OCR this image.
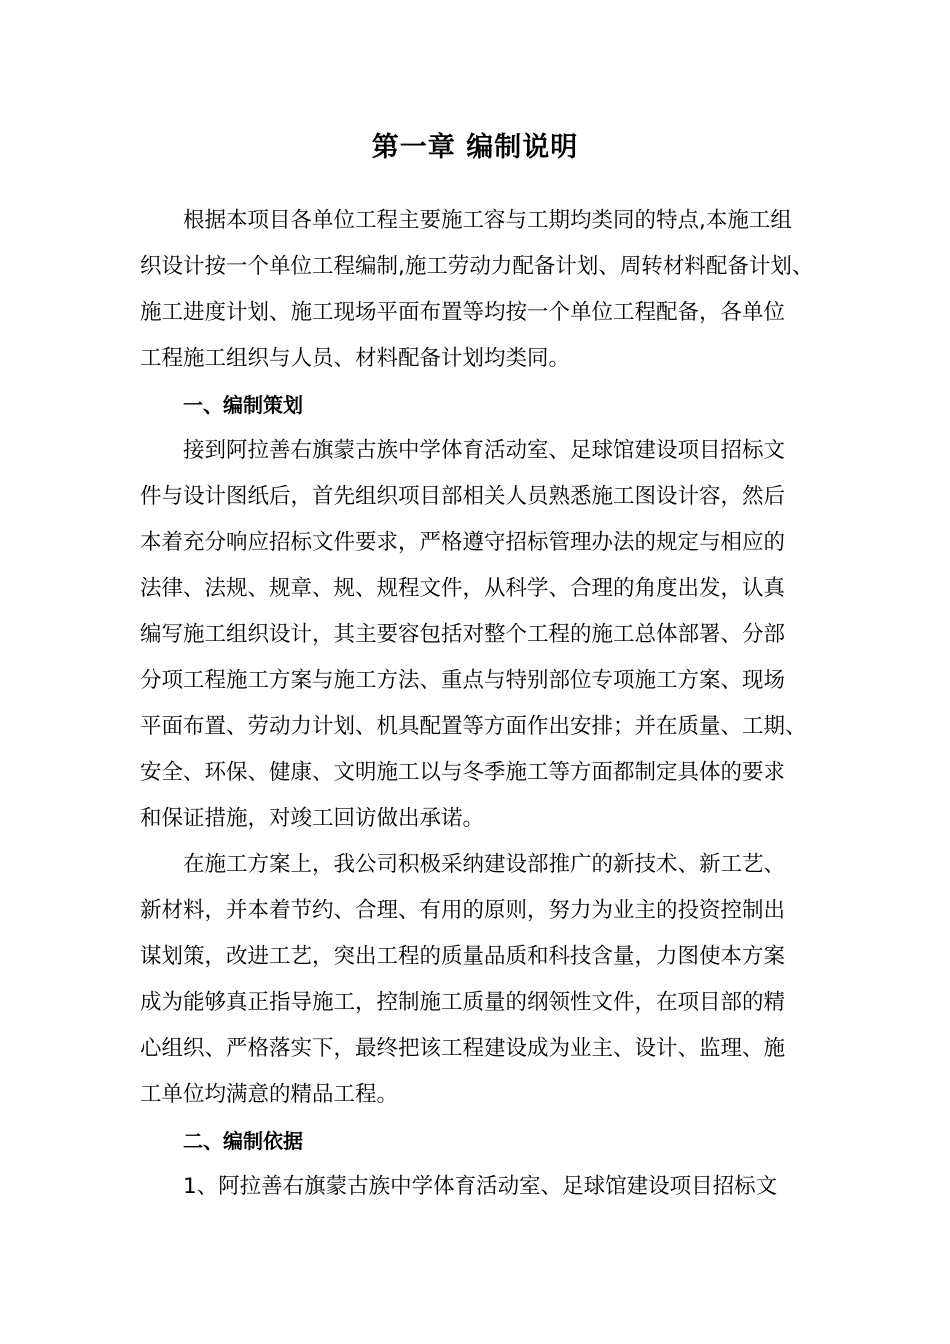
第一章 编制说明

根据本项目各单位工程主要施工容与工期均类同的特点,本施工组

织设计按一个单位工程编制,施工劳动力配备计划、周转材料配备计划、

施工进度计划、施工现场平面布置等均按一个单位工程配备，各单位

工程施工组织与人员、材料配备计划均类同。

一、编制策划

接到阿拉善右旗蒙古族中学体育活动室、足球馆建设项目招标文

件与设计图纸后，首先组织项目部相关人员熟悉施工图设计容，然后

本着充分响应招标文件要求，严格遵守招标管理办法的规定与相应的

法律、法规、规章、规、规程文件，从科学、合理的角度出发，认真

编写施工组织设计，其主要容包括对整个工程的施工总体部署、分部

分项工程施工方案与施工方法、重点与特别部位专项施工方案、现场

平面布置、劳动力计划、机具配置等方面作出安排；并在质量、工期、

安全、环保、健康、文明施工以与冬季施工等方面都制定具体的要求

和保证措施，对竣工回访做出承诺。

在施工方案上，我公司积极采纳建设部推广的新技术、新工艺、

新材料，并本着节约、合理、有用的原则，努力为业主的投资控制出

谋划策，改进工艺，突出工程的质量品质和科技含量，力图使本方案

成为能够真正指导施工，控制施工质量的纲领性文件，在项目部的精

心组织、严格落实下，最终把该工程建设成为业主、设计、监理、施

工单位均满意的精品工程。

二、编制依据

1、阿拉善右旗蒙古族中学体育活动室、足球馆建设项目招标文
